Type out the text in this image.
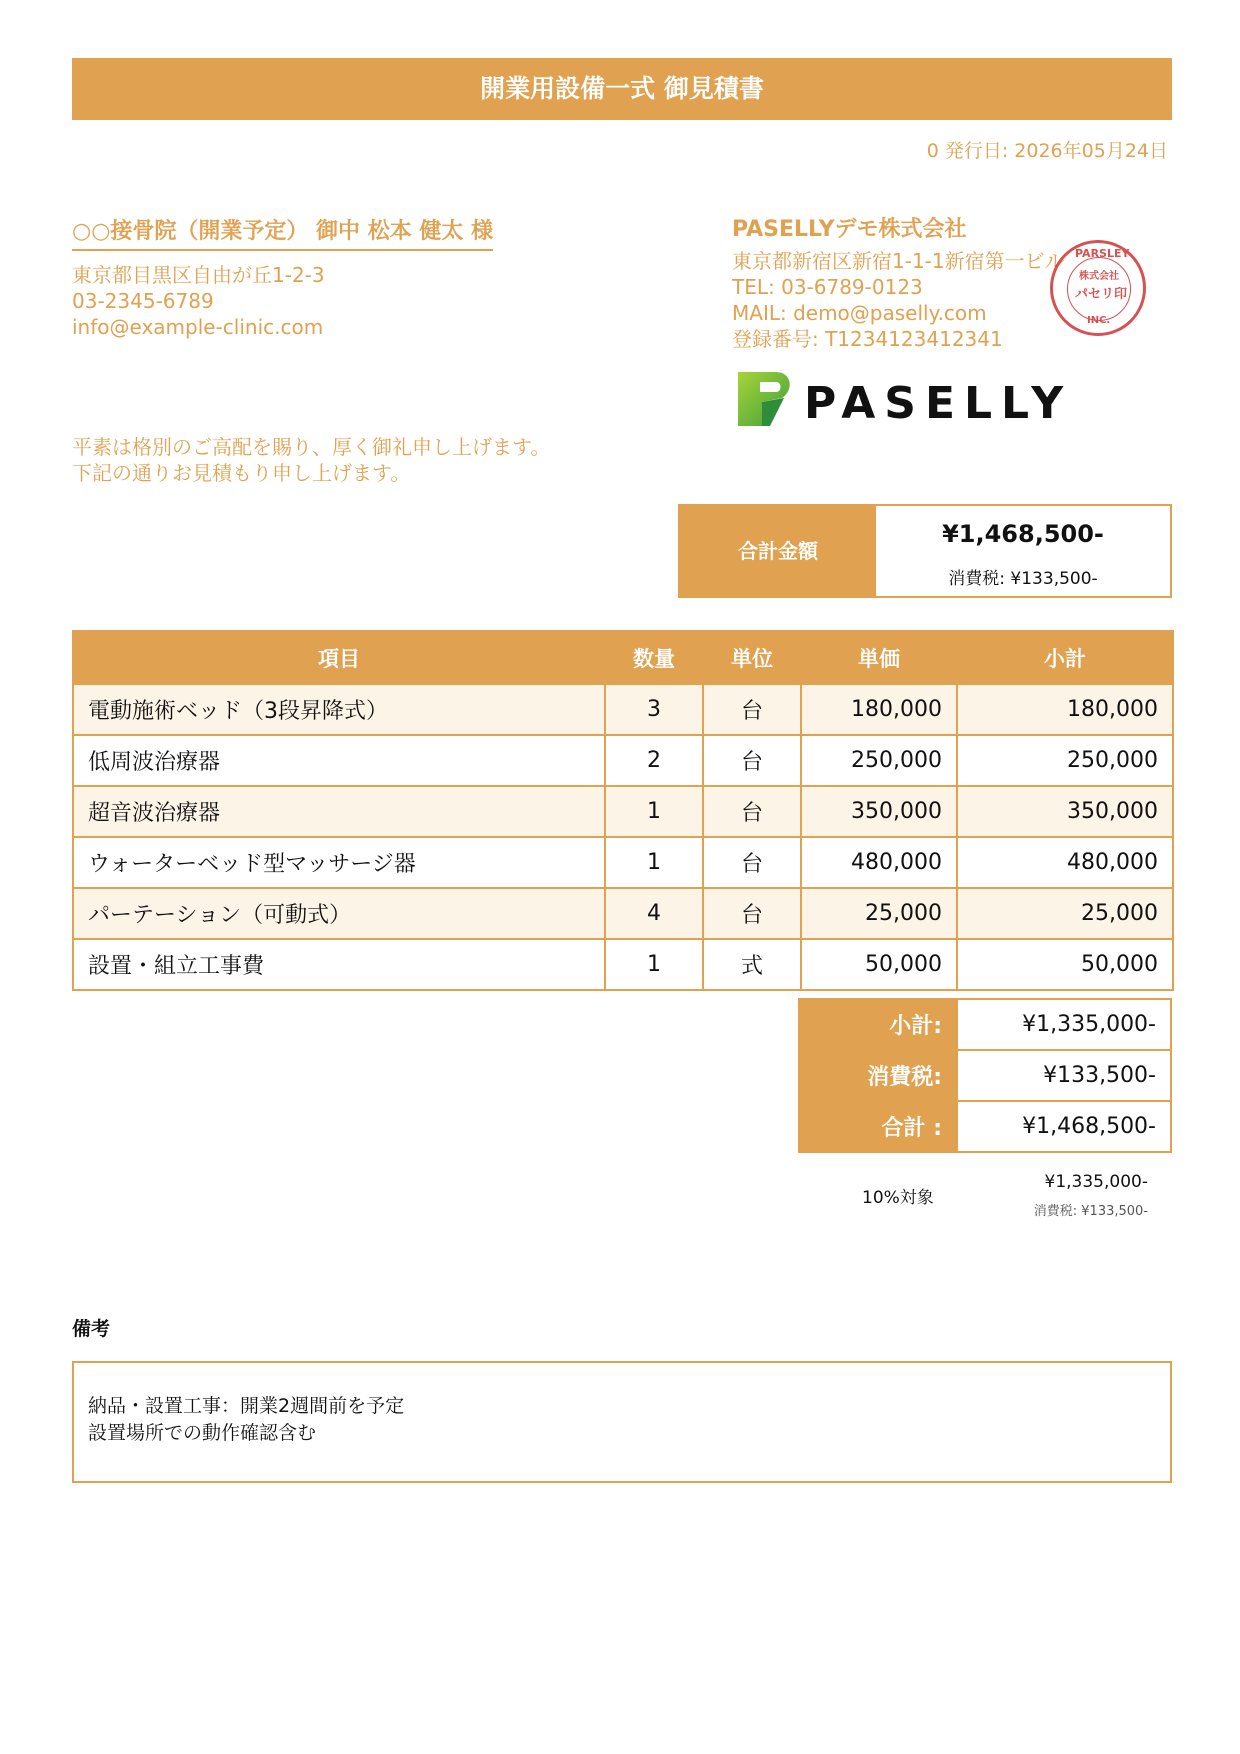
開業用設備一式 御見積書
0 発行日: 2026年05月24日
○○接骨院（開業予定） 御中 松本 健太 様
東京都目黒区自由が丘1-2-3
03-2345-6789
info@example-clinic.com
PASELLYデモ株式会社
東京都新宿区新宿1-1-1新宿第一ビル
TEL: 03-6789-0123
MAIL: demo@paselly.com
登録番号: T1234123412341
PARSLEY
株式会社
パセリ印
INC.
PASELLY
平素は格別のご高配を賜り、厚く御礼申し上げます。
下記の通りお見積もり申し上げます。
合計金額
¥1,468,500-
消費税: ¥133,500-
項目	数量	単位	単価	小計
電動施術ベッド（3段昇降式）	3	台	180,000	180,000
低周波治療器	2	台	250,000	250,000
超音波治療器	1	台	350,000	350,000
ウォーターベッド型マッサージ器	1	台	480,000	480,000
パーテーション（可動式）	4	台	25,000	25,000
設置・組立工事費	1	式	50,000	50,000
小計:	¥1,335,000-
消費税:	¥133,500-
合計 :	¥1,468,500-
10%対象
¥1,335,000-
消費税: ¥133,500-
備考
納品・設置工事：開業2週間前を予定
設置場所での動作確認含む
